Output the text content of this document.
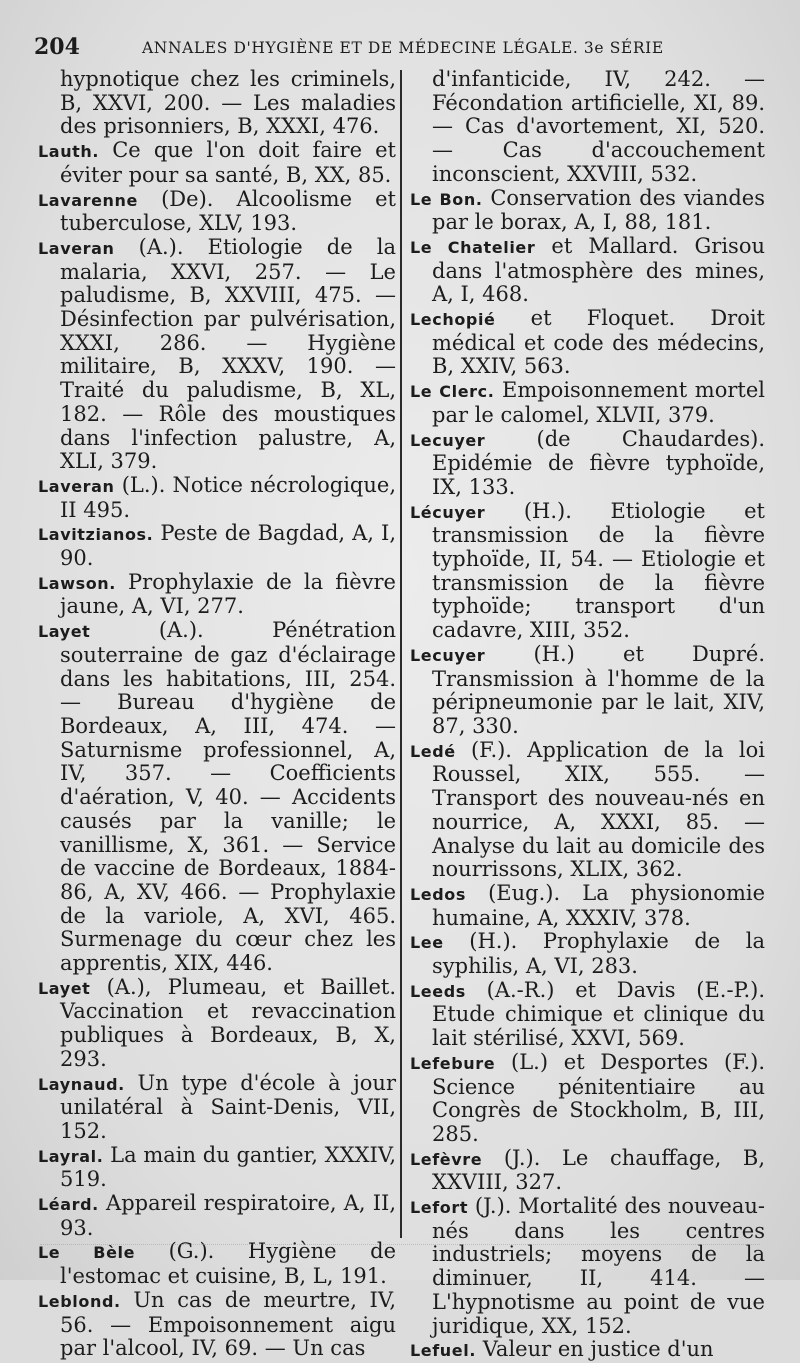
204	ANNALES D'HYGIÈNE ET DE MÉDECINE LÉGALE. 3e SÉRIE
hypnotique chez les criminels, B, XXVI, 200. — Les maladies des prisonniers, B, XXXI, 476.
Lauth. Ce que l'on doit faire et éviter pour sa santé, B, XX, 85.
Lavarenne (De). Alcoolisme et tuberculose, XLV, 193.
Laveran (A.). Etiologie de la malaria, XXVI, 257. — Le paludisme, B, XXVIII, 475. — Désinfection par pulvérisation, XXXI, 286. — Hygiène militaire, B, XXXV, 190. — Traité du paludisme, B, XL, 182. — Rôle des moustiques dans l'infection palustre, A, XLI, 379.
Laveran (L.). Notice nécrologique, II 495.
Lavitzianos. Peste de Bagdad, A, I, 90.
Lawson. Prophylaxie de la fièvre jaune, A, VI, 277.
Layet (A.). Pénétration souterraine de gaz d'éclairage dans les habitations, III, 254. — Bureau d'hygiène de Bordeaux, A, III, 474. — Saturnisme professionnel, A, IV, 357. — Coefficients d'aération, V, 40. — Accidents causés par la vanille; le vanillisme, X, 361. — Service de vaccine de Bordeaux, 1884-86, A, XV, 466. — Prophylaxie de la variole, A, XVI, 465. Surmenage du cœur chez les apprentis, XIX, 446.
Layet (A.), Plumeau, et Baillet. Vaccination et revaccination publiques à Bordeaux, B, X, 293.
Laynaud. Un type d'école à jour unilatéral à Saint-Denis, VII, 152.
Layral. La main du gantier, XXXIV, 519.
Léard. Appareil respiratoire, A, II, 93.
Le Bèle (G.). Hygiène de l'estomac et cuisine, B, L, 191.
Leblond. Un cas de meurtre, IV, 56. — Empoisonnement aigu par l'alcool, IV, 69. — Un cas
d'infanticide, IV, 242. — Fécondation artificielle, XI, 89. — Cas d'avortement, XI, 520. — Cas d'accouchement inconscient, XXVIII, 532.
Le Bon. Conservation des viandes par le borax, A, I, 88, 181.
Le Chatelier et Mallard. Grisou dans l'atmosphère des mines, A, I, 468.
Lechopié et Floquet. Droit médical et code des médecins, B, XXIV, 563.
Le Clerc. Empoisonnement mortel par le calomel, XLVII, 379.
Lecuyer (de Chaudardes). Epidémie de fièvre typhoïde, IX, 133.
Lécuyer (H.). Etiologie et transmission de la fièvre typhoïde, II, 54. — Etiologie et transmission de la fièvre typhoïde; transport d'un cadavre, XIII, 352.
Lecuyer (H.) et Dupré. Transmission à l'homme de la péripneumonie par le lait, XIV, 87, 330.
Ledé (F.). Application de la loi Roussel, XIX, 555. — Transport des nouveau-nés en nourrice, A, XXXI, 85. — Analyse du lait au domicile des nourrissons, XLIX, 362.
Ledos (Eug.). La physionomie humaine, A, XXXIV, 378.
Lee (H.). Prophylaxie de la syphilis, A, VI, 283.
Leeds (A.-R.) et Davis (E.-P.). Etude chimique et clinique du lait stérilisé, XXVI, 569.
Lefebure (L.) et Desportes (F.). Science pénitentiaire au Congrès de Stockholm, B, III, 285.
Lefèvre (J.). Le chauffage, B, XXVIII, 327.
Lefort (J.). Mortalité des nouveau-nés dans les centres industriels; moyens de la diminuer, II, 414. — L'hypnotisme au point de vue juridique, XX, 152.
Lefuel. Valeur en justice d'un
